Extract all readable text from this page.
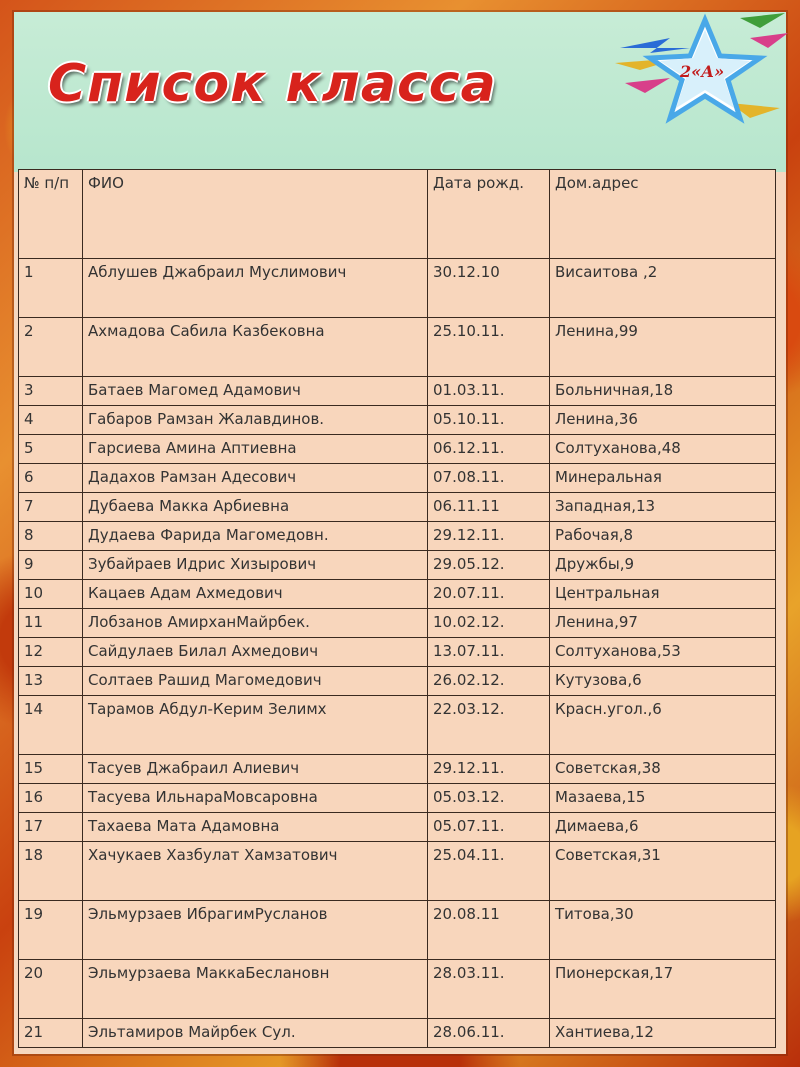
Список класса	2«А»
№ п/п	ФИО	Дата рожд.	Дом.адрес
1	Аблушев Джабраил Муслимович	30.12.10	Висаитова ,2
2	Ахмадова Сабила Казбековна	25.10.11.	Ленина,99
3	Батаев Магомед Адамович	01.03.11.	Больничная,18
4	Габаров Рамзан Жалавдинов.	05.10.11.	Ленина,36
5	Гарсиева Амина Аптиевна	06.12.11.	Солтуханова,48
6	Дадахов Рамзан Адесович	07.08.11.	Минеральная
7	Дубаева Макка Арбиевна	06.11.11	Западная,13
8	Дудаева Фарида Магомедовн.	29.12.11.	Рабочая,8
9	Зубайраев Идрис Хизырович	29.05.12.	Дружбы,9
10	Кацаев Адам Ахмедович	20.07.11.	Центральная
11	Лобзанов АмирханМайрбек.	10.02.12.	Ленина,97
12	Сайдулаев Билал Ахмедович	13.07.11.	Солтуханова,53
13	Солтаев Рашид Магомедович	26.02.12.	Кутузова,6
14	Тарамов Абдул-Керим Зелимх	22.03.12.	Красн.угол.,6
15	Тасуев Джабраил Алиевич	29.12.11.	Советская,38
16	Тасуева ИльнараМовсаровна	05.03.12.	Мазаева,15
17	Тахаева Мата Адамовна	05.07.11.	Димаева,6
18	Хачукаев Хазбулат Хамзатович	25.04.11.	Советская,31
19	Эльмурзаев ИбрагимРусланов	20.08.11	Титова,30
20	Эльмурзаева МаккаБеслановн	28.03.11.	Пионерская,17
21	Эльтамиров Майрбек Сул.	28.06.11.	Хантиева,12
